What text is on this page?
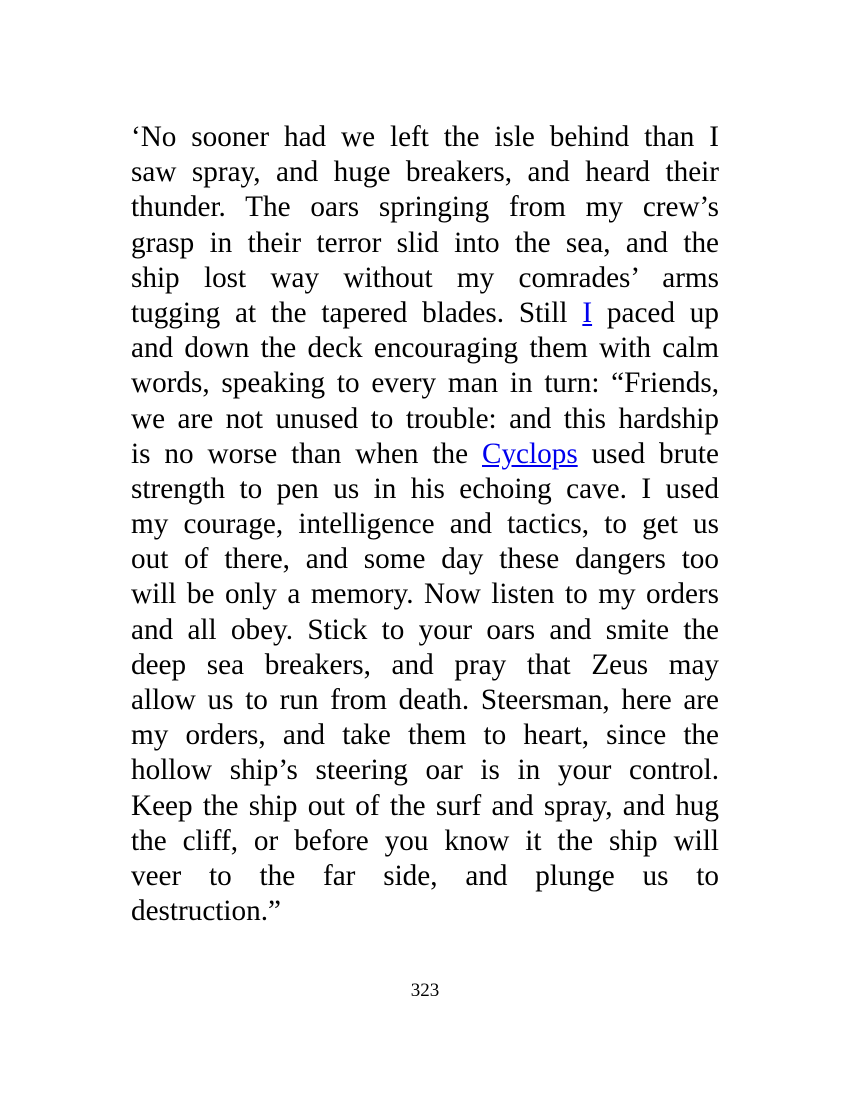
‘No sooner had we left the isle behind than I
saw spray, and huge breakers, and heard their
thunder. The oars springing from my crew’s
grasp in their terror slid into the sea, and the
ship lost way without my comrades’ arms
tugging at the tapered blades. Still I paced up
and down the deck encouraging them with calm
words, speaking to every man in turn: “Friends,
we are not unused to trouble: and this hardship
is no worse than when the Cyclops used brute
strength to pen us in his echoing cave. I used
my courage, intelligence and tactics, to get us
out of there, and some day these dangers too
will be only a memory. Now listen to my orders
and all obey. Stick to your oars and smite the
deep sea breakers, and pray that Zeus may
allow us to run from death. Steersman, here are
my orders, and take them to heart, since the
hollow ship’s steering oar is in your control.
Keep the ship out of the surf and spray, and hug
the cliff, or before you know it the ship will
veer to the far side, and plunge us to
destruction.”
323
